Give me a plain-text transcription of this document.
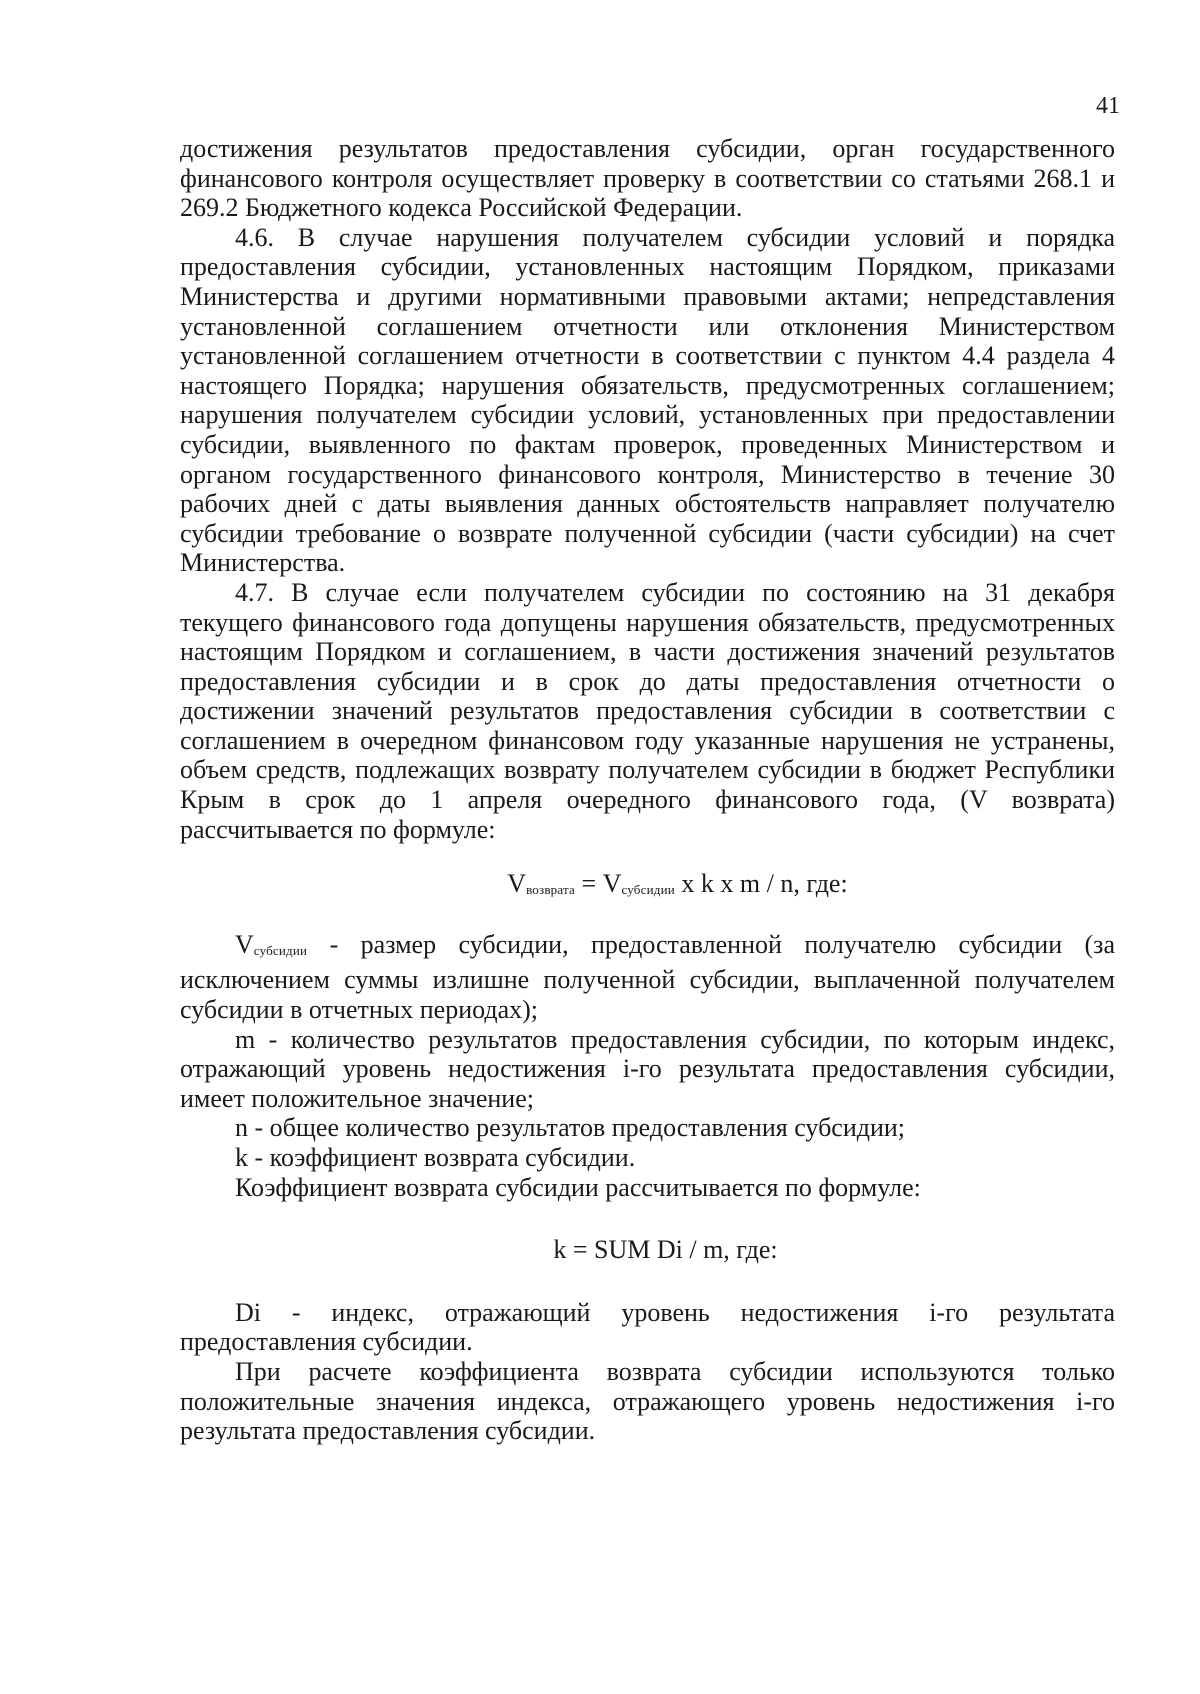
41

достижения результатов предоставления субсидии, орган государственного финансового контроля осуществляет проверку в соответствии со статьями 268.1 и 269.2 Бюджетного кодекса Российской Федерации.

4.6. В случае нарушения получателем субсидии условий и порядка предоставления субсидии, установленных настоящим Порядком, приказами Министерства и другими нормативными правовыми актами; непредставления установленной соглашением отчетности или отклонения Министерством установленной соглашением отчетности в соответствии с пунктом 4.4 раздела 4 настоящего Порядка; нарушения обязательств, предусмотренных соглашением; нарушения получателем субсидии условий, установленных при предоставлении субсидии, выявленного по фактам проверок, проведенных Министерством и органом государственного финансового контроля, Министерство в течение 30 рабочих дней с даты выявления данных обстоятельств направляет получателю субсидии требование о возврате полученной субсидии (части субсидии) на счет Министерства.

4.7. В случае если получателем субсидии по состоянию на 31 декабря текущего финансового года допущены нарушения обязательств, предусмотренных настоящим Порядком и соглашением, в части достижения значений результатов предоставления субсидии и в срок до даты предоставления отчетности о достижении значений результатов предоставления субсидии в соответствии с соглашением в очередном финансовом году указанные нарушения не устранены, объем средств, подлежащих возврату получателем субсидии в бюджет Республики Крым в срок до 1 апреля очередного финансового года, (V возврата) рассчитывается по формуле:

Vвозврата = Vсубсидии x k x m / n, где:

Vсубсидии - размер субсидии, предоставленной получателю субсидии (за исключением суммы излишне полученной субсидии, выплаченной получателем субсидии в отчетных периодах);

m - количество результатов предоставления субсидии, по которым индекс, отражающий уровень недостижения i-го результата предоставления субсидии, имеет положительное значение;

n - общее количество результатов предоставления субсидии;

k - коэффициент возврата субсидии.

Коэффициент возврата субсидии рассчитывается по формуле:

k = SUM Di / m, где:

Di - индекс, отражающий уровень недостижения i-го результата предоставления субсидии.

При расчете коэффициента возврата субсидии используются только положительные значения индекса, отражающего уровень недостижения i-го результата предоставления субсидии.
